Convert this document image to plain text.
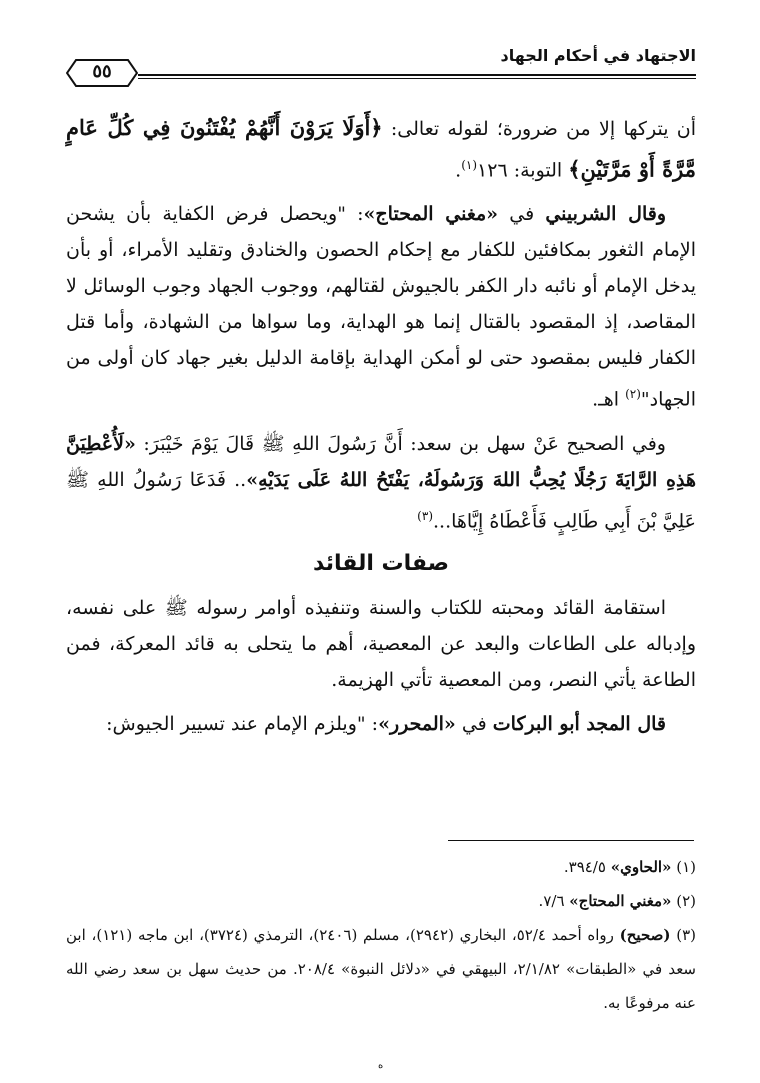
الاجتهاد في أحكام الجهاد
٥٥

أن يتركها إلا من ضرورة؛ لقوله تعالى: ﴿أَوَلَا يَرَوْنَ أَنَّهُمْ يُفْتَنُونَ فِي كُلِّ عَامٍ مَّرَّةً أَوْ مَرَّتَيْنِ﴾ التوبة: ١٢٦$^{(١)}$.

وقال الشربيني في «مغني المحتاج»: "ويحصل فرض الكفاية بأن يشحن الإمام الثغور بمكافئين للكفار مع إحكام الحصون والخنادق وتقليد الأمراء، أو بأن يدخل الإمام أو نائبه دار الكفر بالجيوش لقتالهم، ووجوب الجهاد وجوب الوسائل لا المقاصد، إذ المقصود بالقتال إنما هو الهداية، وما سواها من الشهادة، وأما قتل الكفار فليس بمقصود حتى لو أمكن الهداية بإقامة الدليل بغير جهاد كان أولى من الجهاد"$^{(٢)}$ اهـ.

وفي الصحيح عَنْ سهل بن سعد: أَنَّ رَسُولَ اللهِ ﷺ قَالَ يَوْمَ خَيْبَرَ: «لَأُعْطِيَنَّ هَذِهِ الرَّايَةَ رَجُلًا يُحِبُّ اللهَ وَرَسُولَهُ، يَفْتَحُ اللهُ عَلَى يَدَيْهِ».. فَدَعَا رَسُولُ اللهِ ﷺ عَلِيَّ بْنَ أَبِي طَالِبٍ فَأَعْطَاهُ إِيَّاهَا...$^{(٣)}$

صفات القائد

استقامة القائد ومحبته للكتاب والسنة وتنفيذه أوامر رسوله ﷺ على نفسه، وإدباله على الطاعات والبعد عن المعصية، أهم ما يتحلى به قائد المعركة، فمن الطاعة يأتي النصر، ومن المعصية تأتي الهزيمة.

قال المجد أبو البركات في «المحرر»: "ويلزم الإمام عند تسيير الجيوش:

(١) «الحاوي» ٣٩٤/٥.

(٢) «مغني المحتاج» ٧/٦.

(٣) (صحيح) رواه أحمد ٥٢/٤، البخاري (٢٩٤٢)، مسلم (٢٤٠٦)، الترمذي (٣٧٢٤)، ابن ماجه (١٢١)، ابن سعد في «الطبقات» ٢/١/٨٢، البيهقي في «دلائل النبوة» ٢٠٨/٤. من حديث سهل بن سعد رضي الله عنه مرفوعًا به.

ه
